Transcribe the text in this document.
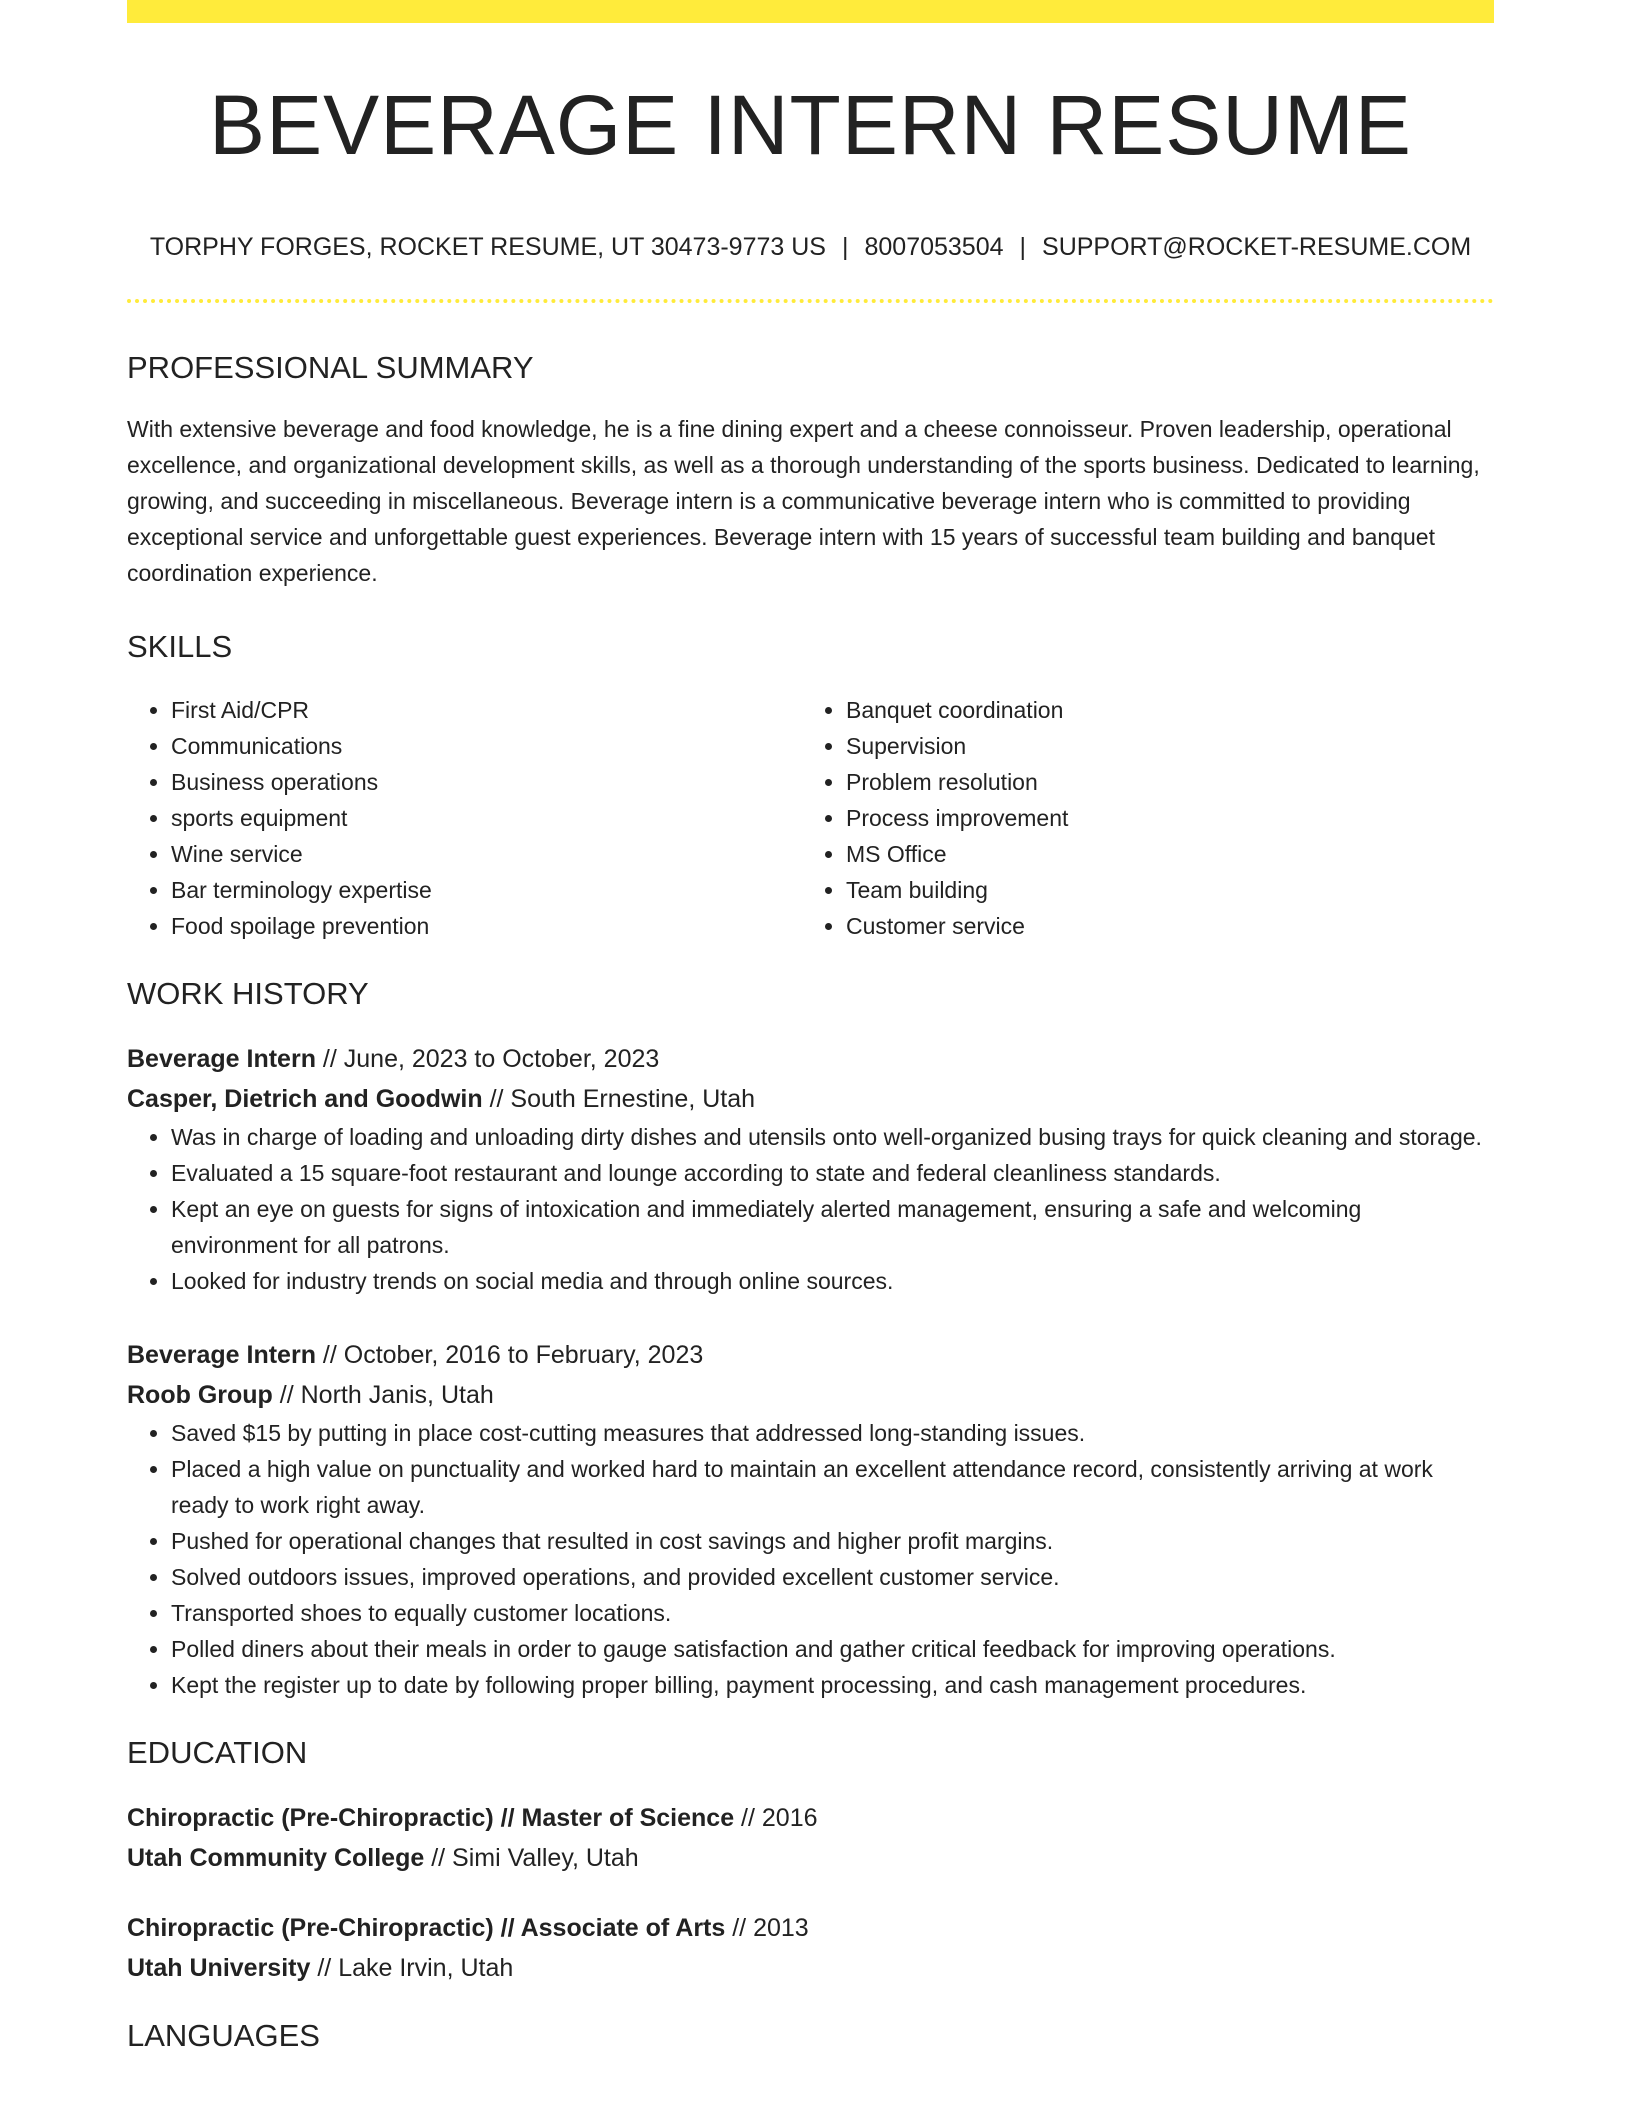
BEVERAGE INTERN RESUME
TORPHY FORGES, ROCKET RESUME, UT 30473-9773 US | 8007053504 | SUPPORT@ROCKET-RESUME.COM
PROFESSIONAL SUMMARY

With extensive beverage and food knowledge, he is a fine dining expert and a cheese connoisseur. Proven leadership, operational excellence, and organizational development skills, as well as a thorough understanding of the sports business. Dedicated to learning, growing, and succeeding in miscellaneous. Beverage intern is a communicative beverage intern who is committed to providing exceptional service and unforgettable guest experiences. Beverage intern with 15 years of successful team building and banquet coordination experience.

SKILLS
• First Aid/CPR
• Communications
• Business operations
• sports equipment
• Wine service
• Bar terminology expertise
• Food spoilage prevention
• Banquet coordination
• Supervision
• Problem resolution
• Process improvement
• MS Office
• Team building
• Customer service
WORK HISTORY
Beverage Intern // June, 2023 to October, 2023
Casper, Dietrich and Goodwin // South Ernestine, Utah
• Was in charge of loading and unloading dirty dishes and utensils onto well-organized busing trays for quick cleaning and storage.
• Evaluated a 15 square-foot restaurant and lounge according to state and federal cleanliness standards.
• Kept an eye on guests for signs of intoxication and immediately alerted management, ensuring a safe and welcoming environment for all patrons.
• Looked for industry trends on social media and through online sources.
Beverage Intern // October, 2016 to February, 2023
Roob Group // North Janis, Utah
• Saved $15 by putting in place cost-cutting measures that addressed long-standing issues.
• Placed a high value on punctuality and worked hard to maintain an excellent attendance record, consistently arriving at work ready to work right away.
• Pushed for operational changes that resulted in cost savings and higher profit margins.
• Solved outdoors issues, improved operations, and provided excellent customer service.
• Transported shoes to equally customer locations.
• Polled diners about their meals in order to gauge satisfaction and gather critical feedback for improving operations.
• Kept the register up to date by following proper billing, payment processing, and cash management procedures.
EDUCATION
Chiropractic (Pre-Chiropractic) // Master of Science // 2016
Utah Community College // Simi Valley, Utah
Chiropractic (Pre-Chiropractic) // Associate of Arts // 2013
Utah University // Lake Irvin, Utah
LANGUAGES
